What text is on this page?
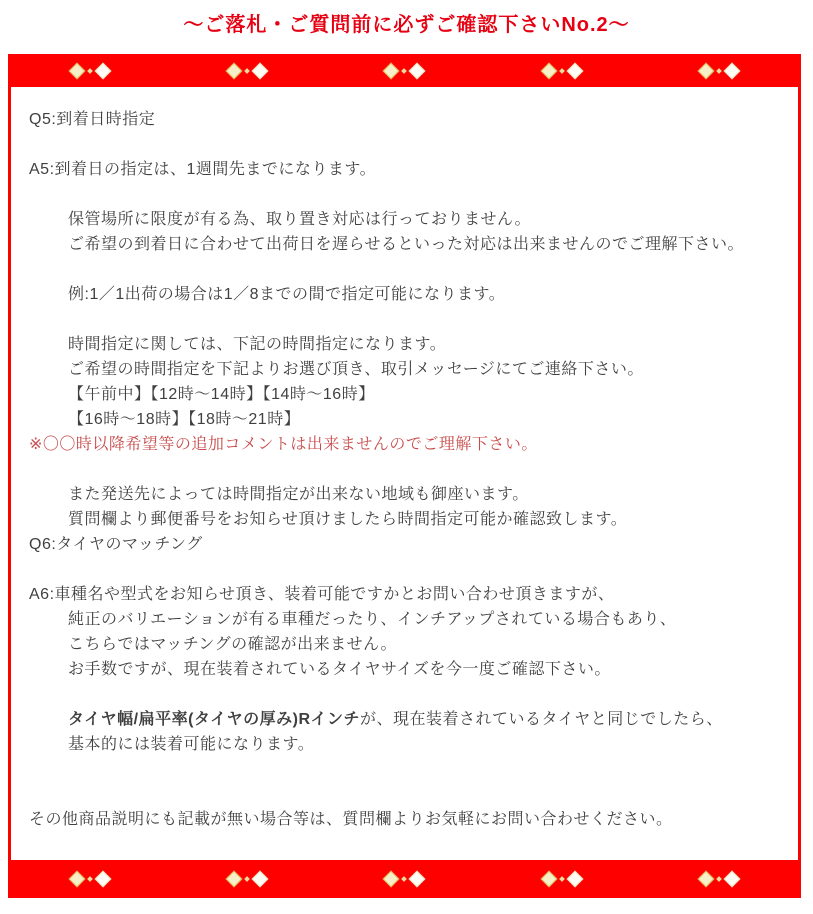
～ご落札・ご質問前に必ずご確認下さいNo.2～
Q5:到着日時指定
A5:到着日の指定は、1週間先までになります。
保管場所に限度が有る為、取り置き対応は行っておりません。
ご希望の到着日に合わせて出荷日を遅らせるといった対応は出来ませんのでご理解下さい。
例:1／1出荷の場合は1／8までの間で指定可能になります。
時間指定に関しては、下記の時間指定になります。
ご希望の時間指定を下記よりお選び頂き、取引メッセージにてご連絡下さい。
【午前中】【12時～14時】【14時～16時】
【16時～18時】【18時～21時】
※〇〇時以降希望等の追加コメントは出来ませんのでご理解下さい。
また発送先によっては時間指定が出来ない地域も御座います。
質問欄より郵便番号をお知らせ頂けましたら時間指定可能か確認致します。
Q6:タイヤのマッチング
A6:車種名や型式をお知らせ頂き、装着可能ですかとお問い合わせ頂きますが、
純正のバリエーションが有る車種だったり、インチアップされている場合もあり、
こちらではマッチングの確認が出来ません。
お手数ですが、現在装着されているタイヤサイズを今一度ご確認下さい。
タイヤ幅/扁平率(タイヤの厚み)Rインチが、現在装着されているタイヤと同じでしたら、
基本的には装着可能になります。
その他商品説明にも記載が無い場合等は、質問欄よりお気軽にお問い合わせください。
